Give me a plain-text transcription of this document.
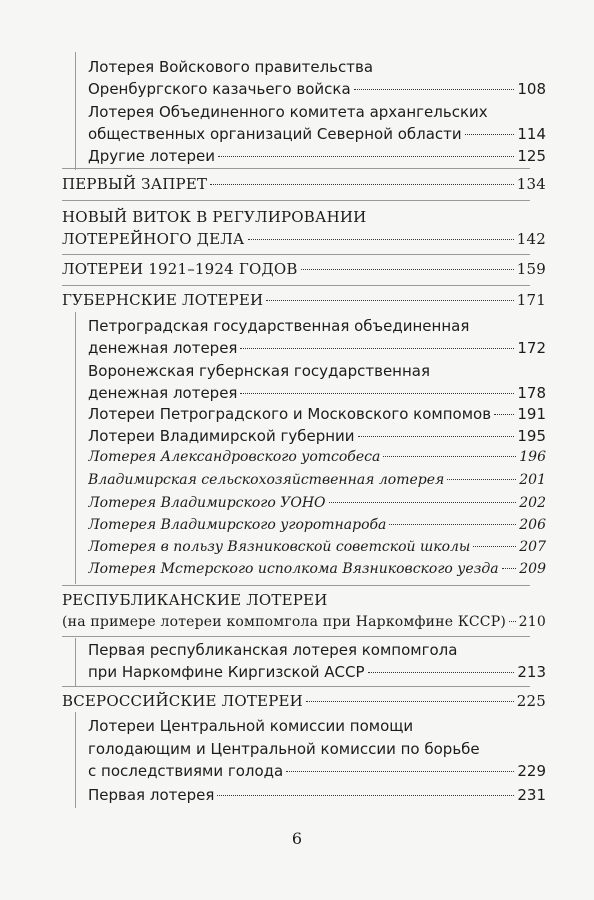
Лотерея Войскового правительства
Оренбургского казачьего войска	108
Лотерея Объединенного комитета архангельских
общественных организаций Северной области	114
Другие лотереи	125
ПЕРВЫЙ ЗАПРЕТ	134
НОВЫЙ ВИТОК В РЕГУЛИРОВАНИИ
ЛОТЕРЕЙНОГО ДЕЛА	142
ЛОТЕРЕИ 1921–1924 ГОДОВ	159
ГУБЕРНСКИЕ ЛОТЕРЕИ	171
Петроградская государственная объединенная
денежная лотерея	172
Воронежская губернская государственная
денежная лотерея	178
Лотереи Петроградского и Московского компомов 191
Лотереи Владимирской губернии	195
Лотерея Александровского уотсобеса	196
Владимирская сельскохозяйственная лотерея	201
Лотерея Владимирского УОНО	202
Лотерея Владимирского угоротнароба	206
Лотерея в пользу Вязниковской советской школы	207
Лотерея Мстерского исполкома Вязниковского уезда 209
РЕСПУБЛИКАНСКИЕ ЛОТЕРЕИ
(на примере лотереи компомгола при Наркомфине КССР) 210
Первая республиканская лотерея компомгола
при Наркомфине Киргизской АССР	213
ВСЕРОССИЙСКИЕ ЛОТЕРЕИ	225
Лотереи Центральной комиссии помощи
голодающим и Центральной комиссии по борьбе
с последствиями голода	229
Первая лотерея	231
6
